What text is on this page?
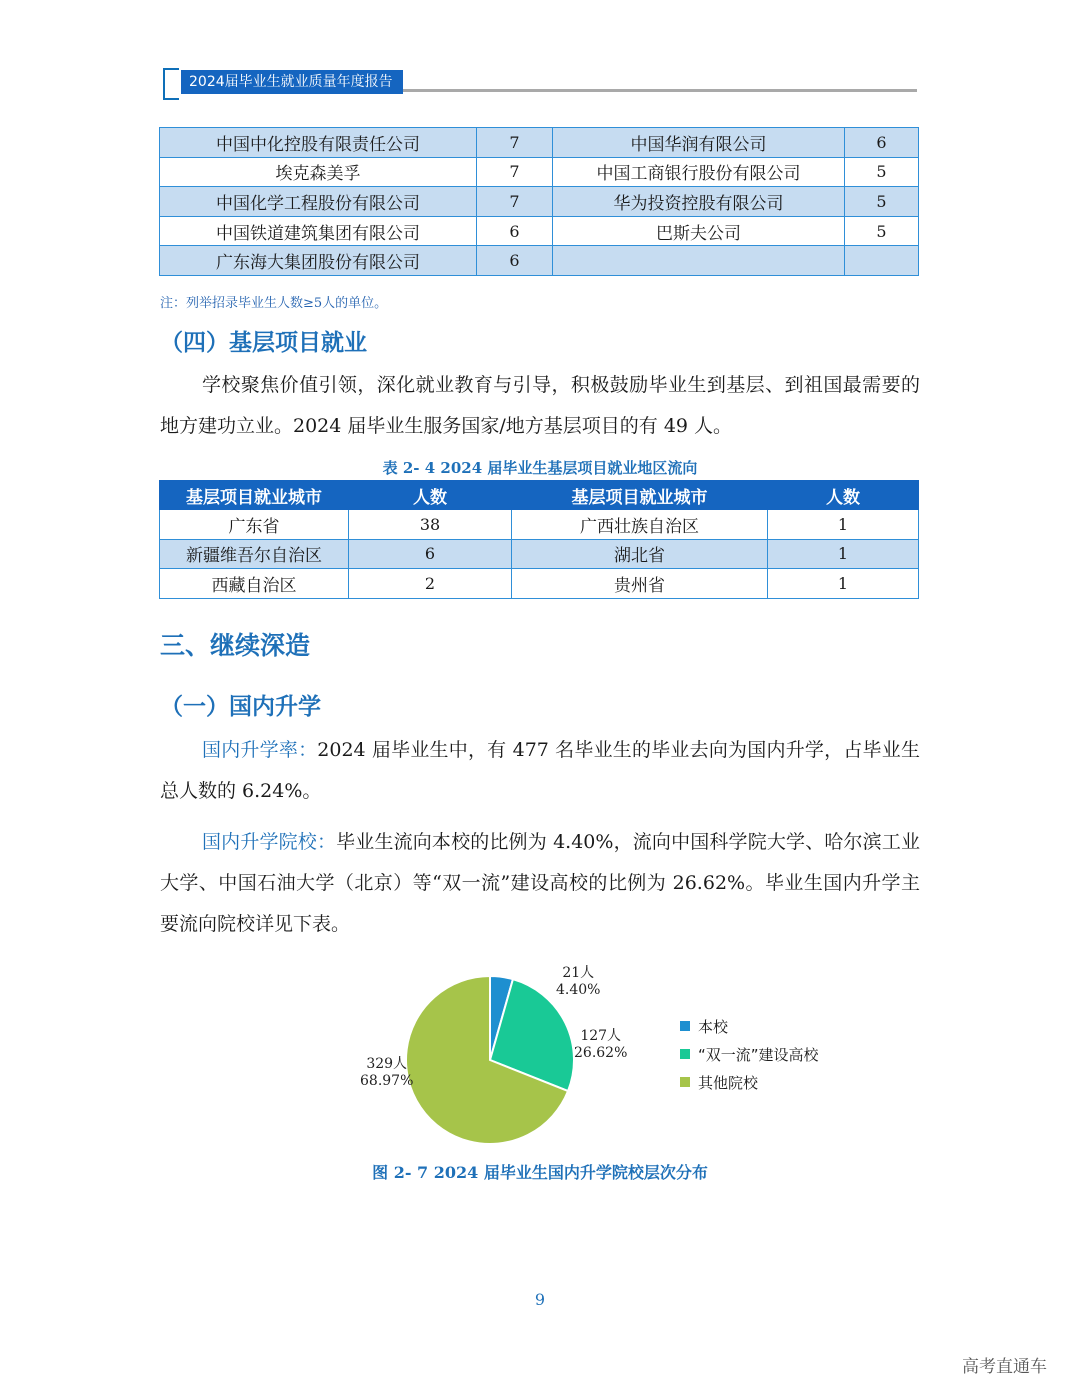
2024届毕业生就业质量年度报告
中国中化控股有限责任公司	7	中国华润有限公司	6
埃克森美孚	7	中国工商银行股份有限公司	5
中国化学工程股份有限公司	7	华为投资控股有限公司	5
中国铁道建筑集团有限公司	6	巴斯夫公司	5
广东海大集团股份有限公司	6		
注：列举招录毕业生人数≥5人的单位。
（四）基层项目就业
学校聚焦价值引领，深化就业教育与引导，积极鼓励毕业生到基层、到祖国最需要的地方建功立业。2024 届毕业生服务国家/地方基层项目的有 49 人。
表 2- 4 2024 届毕业生基层项目就业地区流向
基层项目就业城市	人数	基层项目就业城市	人数
广东省	38	广西壮族自治区	1
新疆维吾尔自治区	6	湖北省	1
西藏自治区	2	贵州省	1
三、继续深造
（一）国内升学
国内升学率：2024 届毕业生中，有 477 名毕业生的毕业去向为国内升学，占毕业生总人数的 6.24%。
国内升学院校：毕业生流向本校的比例为 4.40%，流向中国科学院大学、哈尔滨工业大学、中国石油大学（北京）等“双一流”建设高校的比例为 26.62%。毕业生国内升学主要流向院校详见下表。
21人
4.40%
127人
26.62%
329人
68.97%
本校
“双一流”建设高校
其他院校
图 2- 7 2024 届毕业生国内升学院校层次分布
9
高考直通车
